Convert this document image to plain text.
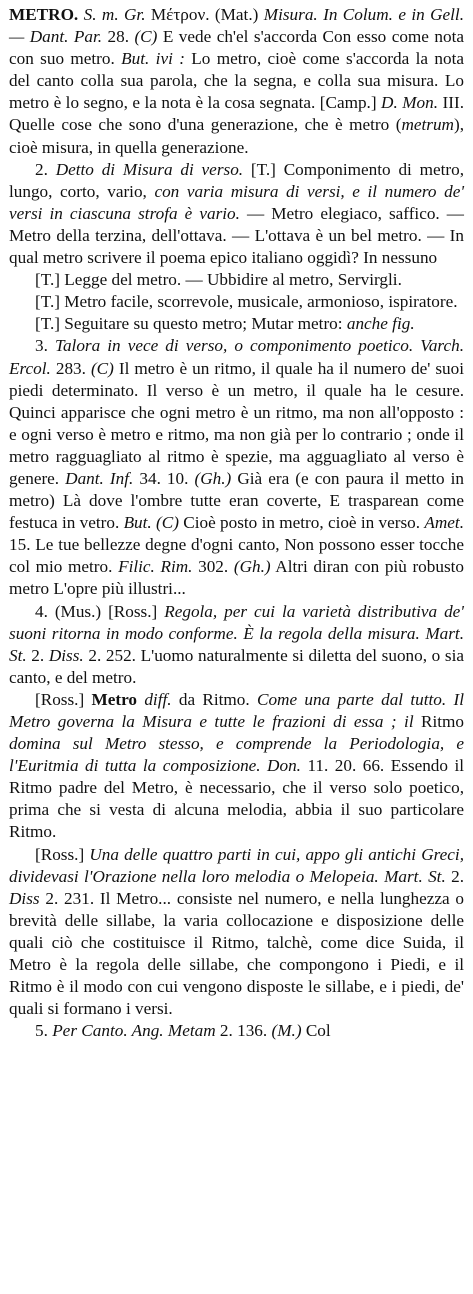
METRO. S. m. Gr. Μέτρον. (Mat.) Misura. In Colum. e in Gell. — Dant. Par. 28. (C) E vede ch'el s'accorda Con esso come nota con suo metro. But. ivi : Lo metro, cioè come s'accorda la nota del canto colla sua parola, che la segna, e colla sua misura. Lo metro è lo segno, e la nota è la cosa segnata. [Camp.] D. Mon. III. Quelle cose che sono d'una generazione, che è metro (metrum), cioè misura, in quella generazione.

2. Detto di Misura di verso. [T.] Componimento di metro, lungo, corto, vario, con varia misura di versi, e il numero de' versi in ciascuna strofa è vario. — Metro elegiaco, saffico. — Metro della terzina, dell'ottava. — L'ottava è un bel metro. — In qual metro scrivere il poema epico italiano oggidì? In nessuno

[T.] Legge del metro. — Ubbidire al metro, Servirgli.

[T.] Metro facile, scorrevole, musicale, armonioso, ispiratore.

[T.] Seguitare su questo metro; Mutar metro: anche fig.

3. Talora in vece di verso, o componimento poetico. Varch. Ercol. 283. (C) Il metro è un ritmo, il quale ha il numero de' suoi piedi determinato. Il verso è un metro, il quale ha le cesure. Quinci apparisce che ogni metro è un ritmo, ma non all'opposto : e ogni verso è metro e ritmo, ma non già per lo contrario ; onde il metro ragguagliato al ritmo è spezie, ma agguagliato al verso è genere. Dant. Inf. 34. 10. (Gh.) Già era (e con paura il metto in metro) Là dove l'ombre tutte eran coverte, E trasparean come festuca in vetro. But. (C) Cioè posto in metro, cioè in verso. Amet. 15. Le tue bellezze degne d'ogni canto, Non possono esser tocche col mio metro. Filic. Rim. 302. (Gh.) Altri diran con più robusto metro L'opre più illustri...

4. (Mus.) [Ross.] Regola, per cui la varietà distributiva de' suoni ritorna in modo conforme. È la regola della misura. Mart. St. 2. Diss. 2. 252. L'uomo naturalmente si diletta del suono, o sia canto, e del metro.

[Ross.] Metro diff. da Ritmo. Come una parte dal tutto. Il Metro governa la Misura e tutte le frazioni di essa ; il Ritmo domina sul Metro stesso, e comprende la Periodologia, e l'Euritmia di tutta la composizione. Don. 11. 20. 66. Essendo il Ritmo padre del Metro, è necessario, che il verso solo poetico, prima che si vesta di alcuna melodia, abbia il suo particolare Ritmo.

[Ross.] Una delle quattro parti in cui, appo gli antichi Greci, dividevasi l'Orazione nella loro melodia o Melopeia. Mart. St. 2. Diss 2. 231. Il Metro... consiste nel numero, e nella lunghezza o brevità delle sillabe, la varia collocazione e disposizione delle quali ciò che costituisce il Ritmo, talchè, come dice Suida, il Metro è la regola delle sillabe, che compongono i Piedi, e il Ritmo è il modo con cui vengono disposte le sillabe, e i piedi, de' quali si formano i versi.

5. Per Canto. Ang. Metam 2. 136. (M.) Col
